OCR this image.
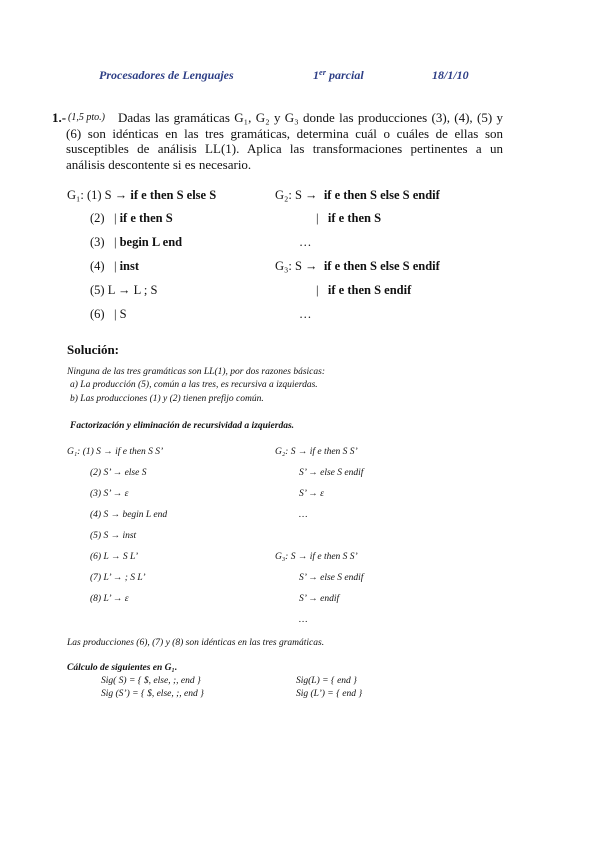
Procesadores de Lenguajes	1er parcial	18/1/10
1.- (1,5 pto.)	Dadas las gramáticas G₁, G₂ y G₃ donde las producciones (3), (4), (5) y
(6) son idénticas en las tres gramáticas, determina cuál o cuáles de ellas son
susceptibles de análisis LL(1). Aplica las transformaciones pertinentes a un
análisis descontente si es necesario.
G₁: (1) S → if e then S else S
(2)   | if e then S
(3)   | begin L end
(4)   | inst
(5) L → L ; S
(6)   | S
G₂: S → if e then S else S endif
| if e then S
…
G₃: S → if e then S else S endif
| if e then S endif
…
Solución:
Ninguna de las tres gramáticas son LL(1), por dos razones básicas:
a) La producción (5), común a las tres, es recursiva a izquierdas.
b) Las producciones (1) y (2) tienen prefijo común.
Factorización y eliminación de recursividad a izquierdas.
G₁: (1) S → if e then S S’
(2) S’ → else S
(3) S’ → ε
(4) S → begin L end
(5) S → inst
(6) L → S L’
(7) L’ → ; S L’
(8) L’ → ε
G₂: S → if e then S S’
S’ → else S endif
S’ → ε
…
G₃: S → if e then S S’
S’ → else S endif
S’ → endif
…
Las producciones (6), (7) y (8) son idénticas en las tres gramáticas.
Cálculo de siguientes en G₁.
Sig( S) = { $, else, ;, end }
Sig (S’) = { $, else, ;, end }
Sig(L) = { end }
Sig (L’) = { end }
